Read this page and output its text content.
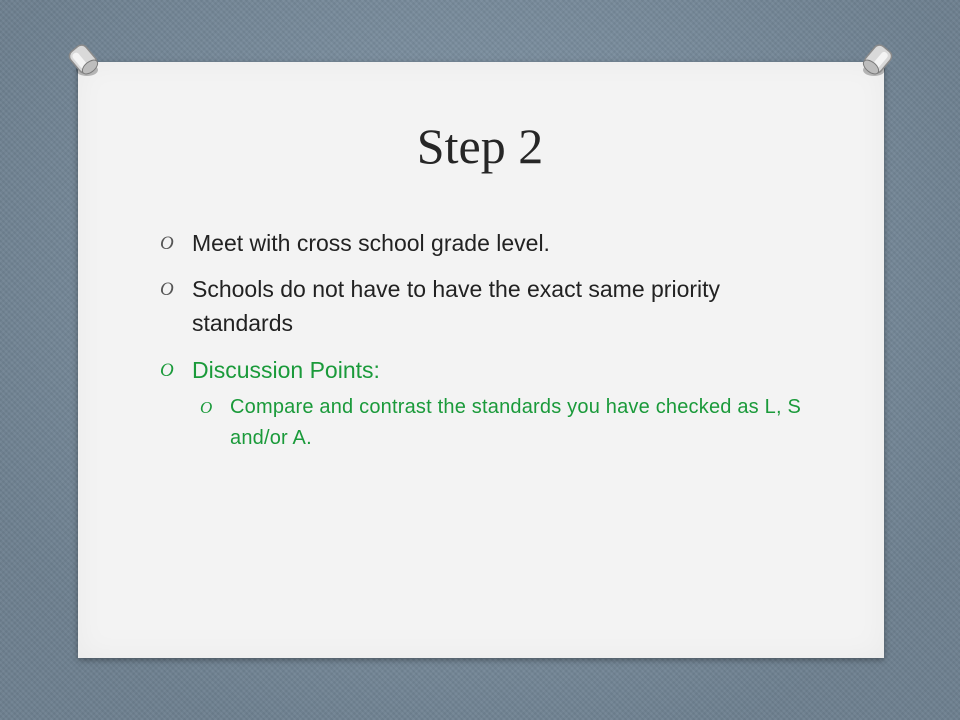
Step 2
O Meet with cross school grade level.
O Schools do not have to have the exact same priority standards
O Discussion Points:
O Compare and contrast the standards you have checked as L, S and/or A.
